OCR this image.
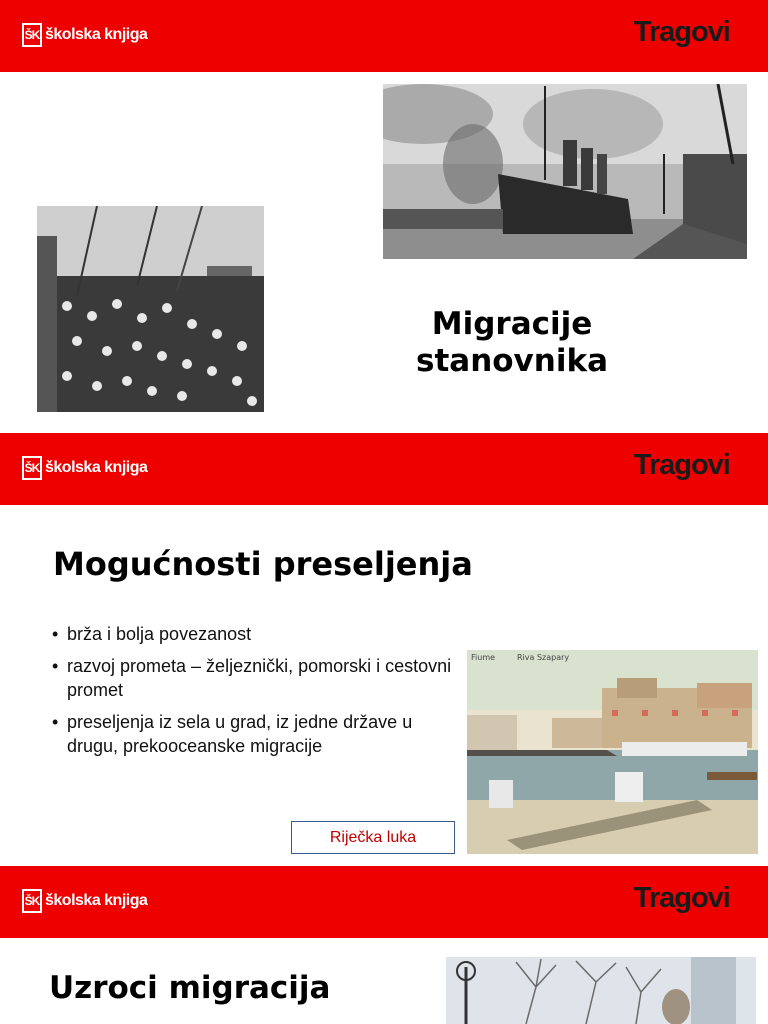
ŠK školska knjiga	Tragovi 3
Migracije
stanovnika
ŠK školska knjiga	Tragovi 3
Mogućnosti preseljenja
• brža i bolja povezanost
• razvoj prometa – željeznički, pomorski i cestovni promet
• preseljenja iz sela u grad, iz jedne države u drugu, prekooceanske migracije
Fiume	Riva Szapary
Riječka luka
ŠK školska knjiga	Tragovi 3
Uzroci migracija
